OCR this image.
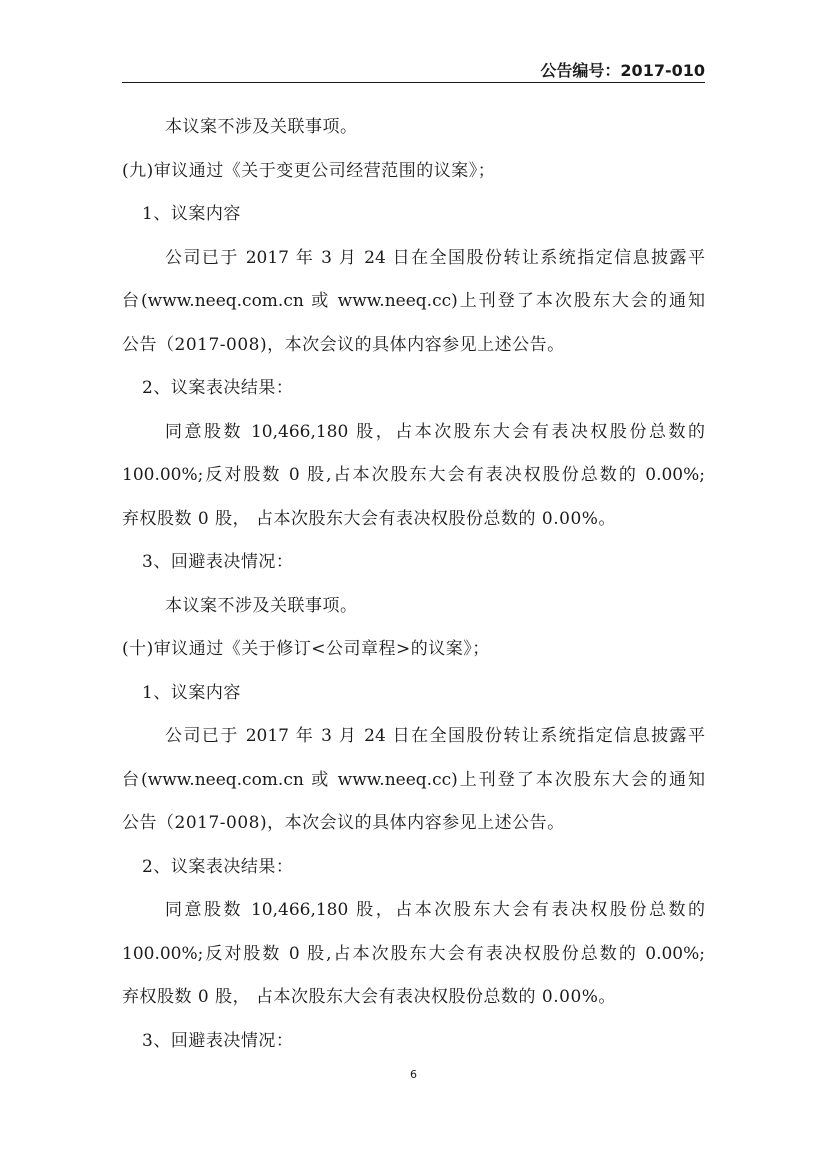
公告编号：2017-010
本议案不涉及关联事项。
(九)审议通过《关于变更公司经营范围的议案》；
1、议案内容
公司已于 2017 年 3 月 24 日在全国股份转让系统指定信息披露平
台(www.neeq.com.cn 或 www.neeq.cc)上刊登了本次股东大会的通知
公告（2017-008)，本次会议的具体内容参见上述公告。
2、议案表决结果：
同意股数 10,466,180 股，占本次股东大会有表决权股份总数的
100.00%;反对股数 0 股,占本次股东大会有表决权股份总数的 0.00%;
弃权股数 0 股， 占本次股东大会有表决权股份总数的 0.00%。
3、回避表决情况：
本议案不涉及关联事项。
(十)审议通过《关于修订<公司章程>的议案》；
1、议案内容
公司已于 2017 年 3 月 24 日在全国股份转让系统指定信息披露平
台(www.neeq.com.cn 或 www.neeq.cc)上刊登了本次股东大会的通知
公告（2017-008)，本次会议的具体内容参见上述公告。
2、议案表决结果：
同意股数 10,466,180 股，占本次股东大会有表决权股份总数的
100.00%;反对股数 0 股,占本次股东大会有表决权股份总数的 0.00%;
弃权股数 0 股， 占本次股东大会有表决权股份总数的 0.00%。
3、回避表决情况：
6
